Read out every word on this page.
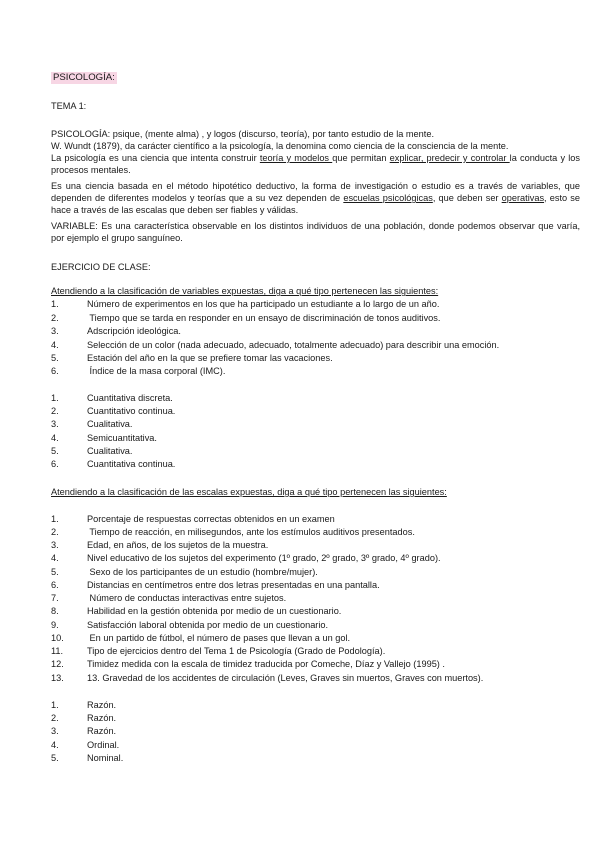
PSICOLOGÍA:
TEMA 1:
PSICOLOGÍA: psique, (mente alma) , y logos (discurso, teoría), por tanto estudio de la mente.
W. Wundt (1879), da carácter científico a la psicología, la denomina como ciencia de la consciencia de la mente.
La psicología es una ciencia que intenta construir teoría y modelos que permitan explicar, predecir y controlar la conducta y los procesos mentales.
Es una ciencia basada en el método hipotético deductivo, la forma de investigación o estudio es a través de variables, que dependen de diferentes modelos y teorías que a su vez dependen de escuelas psicológicas, que deben ser operativas, esto se hace a través de las escalas que deben ser fiables y válidas.
VARIABLE: Es una característica observable en los distintos individuos de una población, donde podemos observar que varía, por ejemplo el grupo sanguíneo.
EJERCICIO DE CLASE:
Atendiendo a la clasificación de variables expuestas, diga a qué tipo pertenecen las siguientes:
1.	Número de experimentos en los que ha participado un estudiante a lo largo de un año.
2.	Tiempo que se tarda en responder en un ensayo de discriminación de tonos auditivos.
3.	Adscripción ideológica.
4.	Selección de un color (nada adecuado, adecuado, totalmente adecuado) para describir una emoción.
5.	Estación del año en la que se prefiere tomar las vacaciones.
6.	Índice de la masa corporal (IMC).
1.	Cuantitativa discreta.
2.	Cuantitativo continua.
3.	Cualitativa.
4.	Semicuantitativa.
5.	Cualitativa.
6.	Cuantitativa continua.
Atendiendo a la clasificación de las escalas expuestas, diga a qué tipo pertenecen las siguientes:
1.	Porcentaje de respuestas correctas obtenidos en un examen
2.	Tiempo de reacción, en milisegundos, ante los estímulos auditivos presentados.
3.	Edad, en años, de los sujetos de la muestra.
4.	Nivel educativo de los sujetos del experimento (1º grado, 2º grado, 3º grado, 4º grado).
5.	Sexo de los participantes de un estudio (hombre/mujer).
6.	Distancias en centímetros entre dos letras presentadas en una pantalla.
7.	Número de conductas interactivas entre sujetos.
8.	Habilidad en la gestión obtenida por medio de un cuestionario.
9.	Satisfacción laboral obtenida por medio de un cuestionario.
10.	En un partido de fútbol, el número de pases que llevan a un gol.
11.	Tipo de ejercicios dentro del Tema 1 de Psicología (Grado de Podología).
12.	Timidez medida con la escala de timidez traducida por Comeche, Díaz y Vallejo (1995) .
13.	13. Gravedad de los accidentes de circulación (Leves, Graves sin muertos, Graves con muertos).
1.	Razón.
2.	Razón.
3.	Razón.
4.	Ordinal.
5.	Nominal.
